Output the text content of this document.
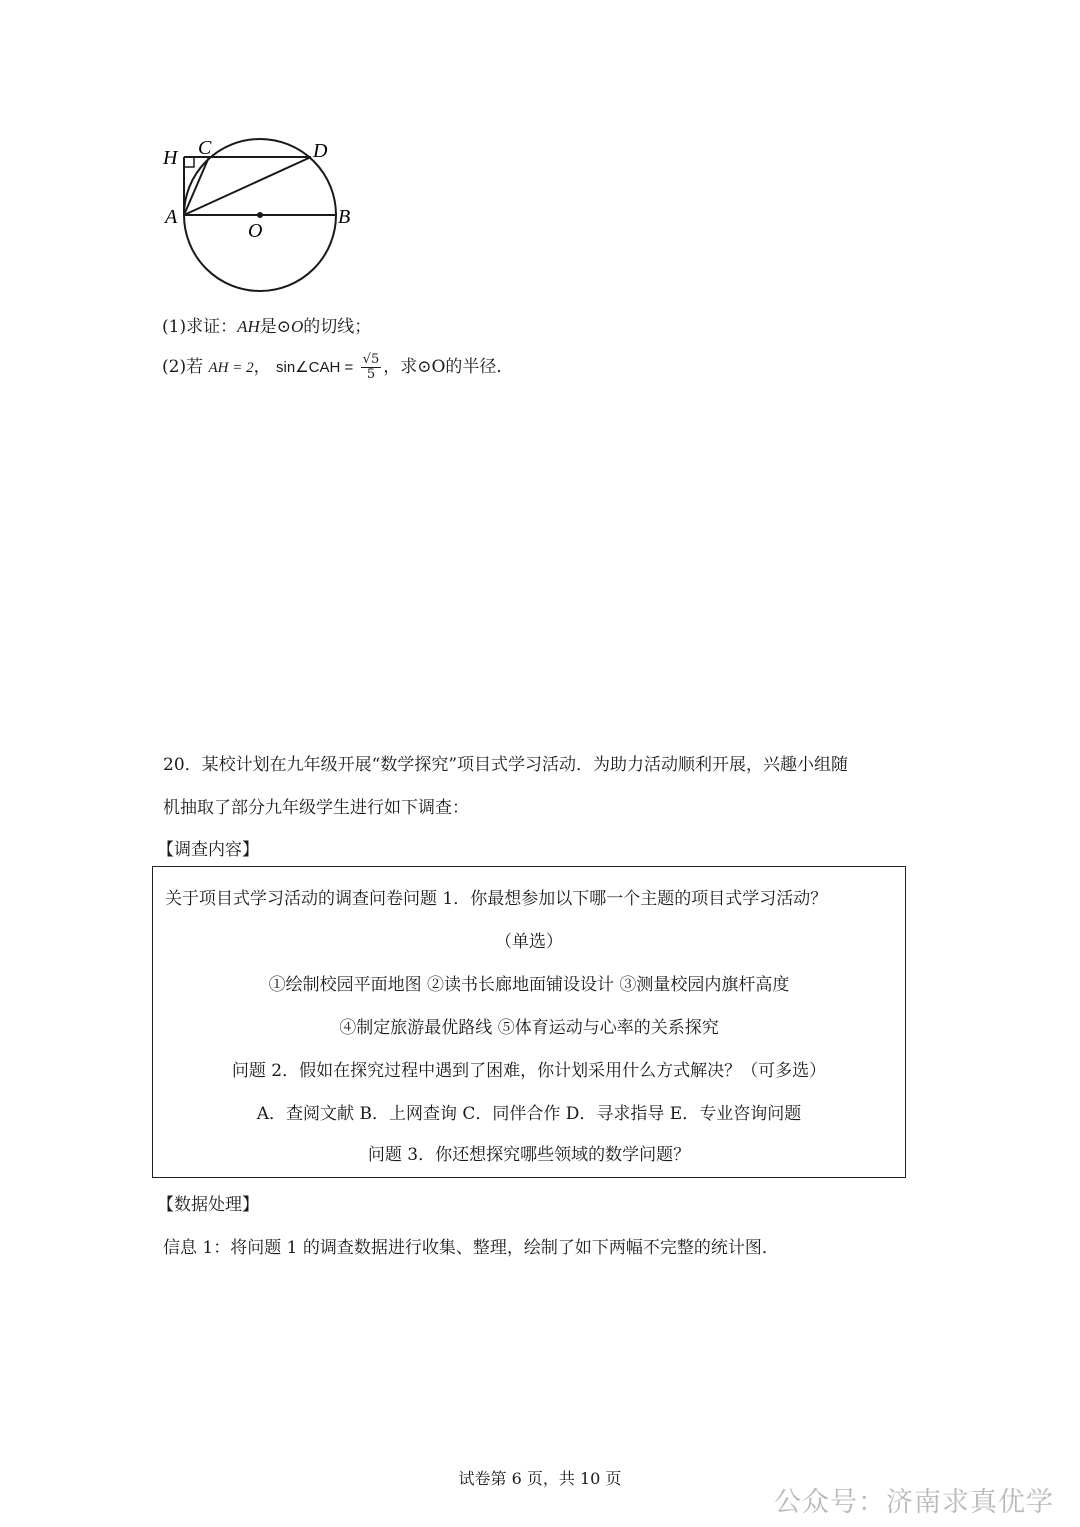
H C	D
A
O
B
(1)求证：AH是⊙O的切线；
(2)若 AH = 2， sin∠CAH = $\frac{√5}{5}$ ，求⊙O的半径．
20．某校计划在九年级开展“数学探究”项目式学习活动．为助力活动顺利开展，兴趣小组随
机抽取了部分九年级学生进行如下调查：
【调查内容】
关于项目式学习活动的调查问卷问题 1．你最想参加以下哪一个主题的项目式学习活动？
（单选）
①绘制校园平面地图 ②读书长廊地面铺设设计 ③测量校园内旗杆高度
④制定旅游最优路线 ⑤体育运动与心率的关系探究
问题 2．假如在探究过程中遇到了困难，你计划采用什么方式解决？（可多选）
A．查阅文献 B．上网查询 C．同伴合作 D．寻求指导 E．专业咨询问题
问题 3．你还想探究哪些领域的数学问题？
【数据处理】
信息 1：将问题 1 的调查数据进行收集、整理，绘制了如下两幅不完整的统计图．
试卷第 6 页，共 10 页
公众号：济南求真优学
